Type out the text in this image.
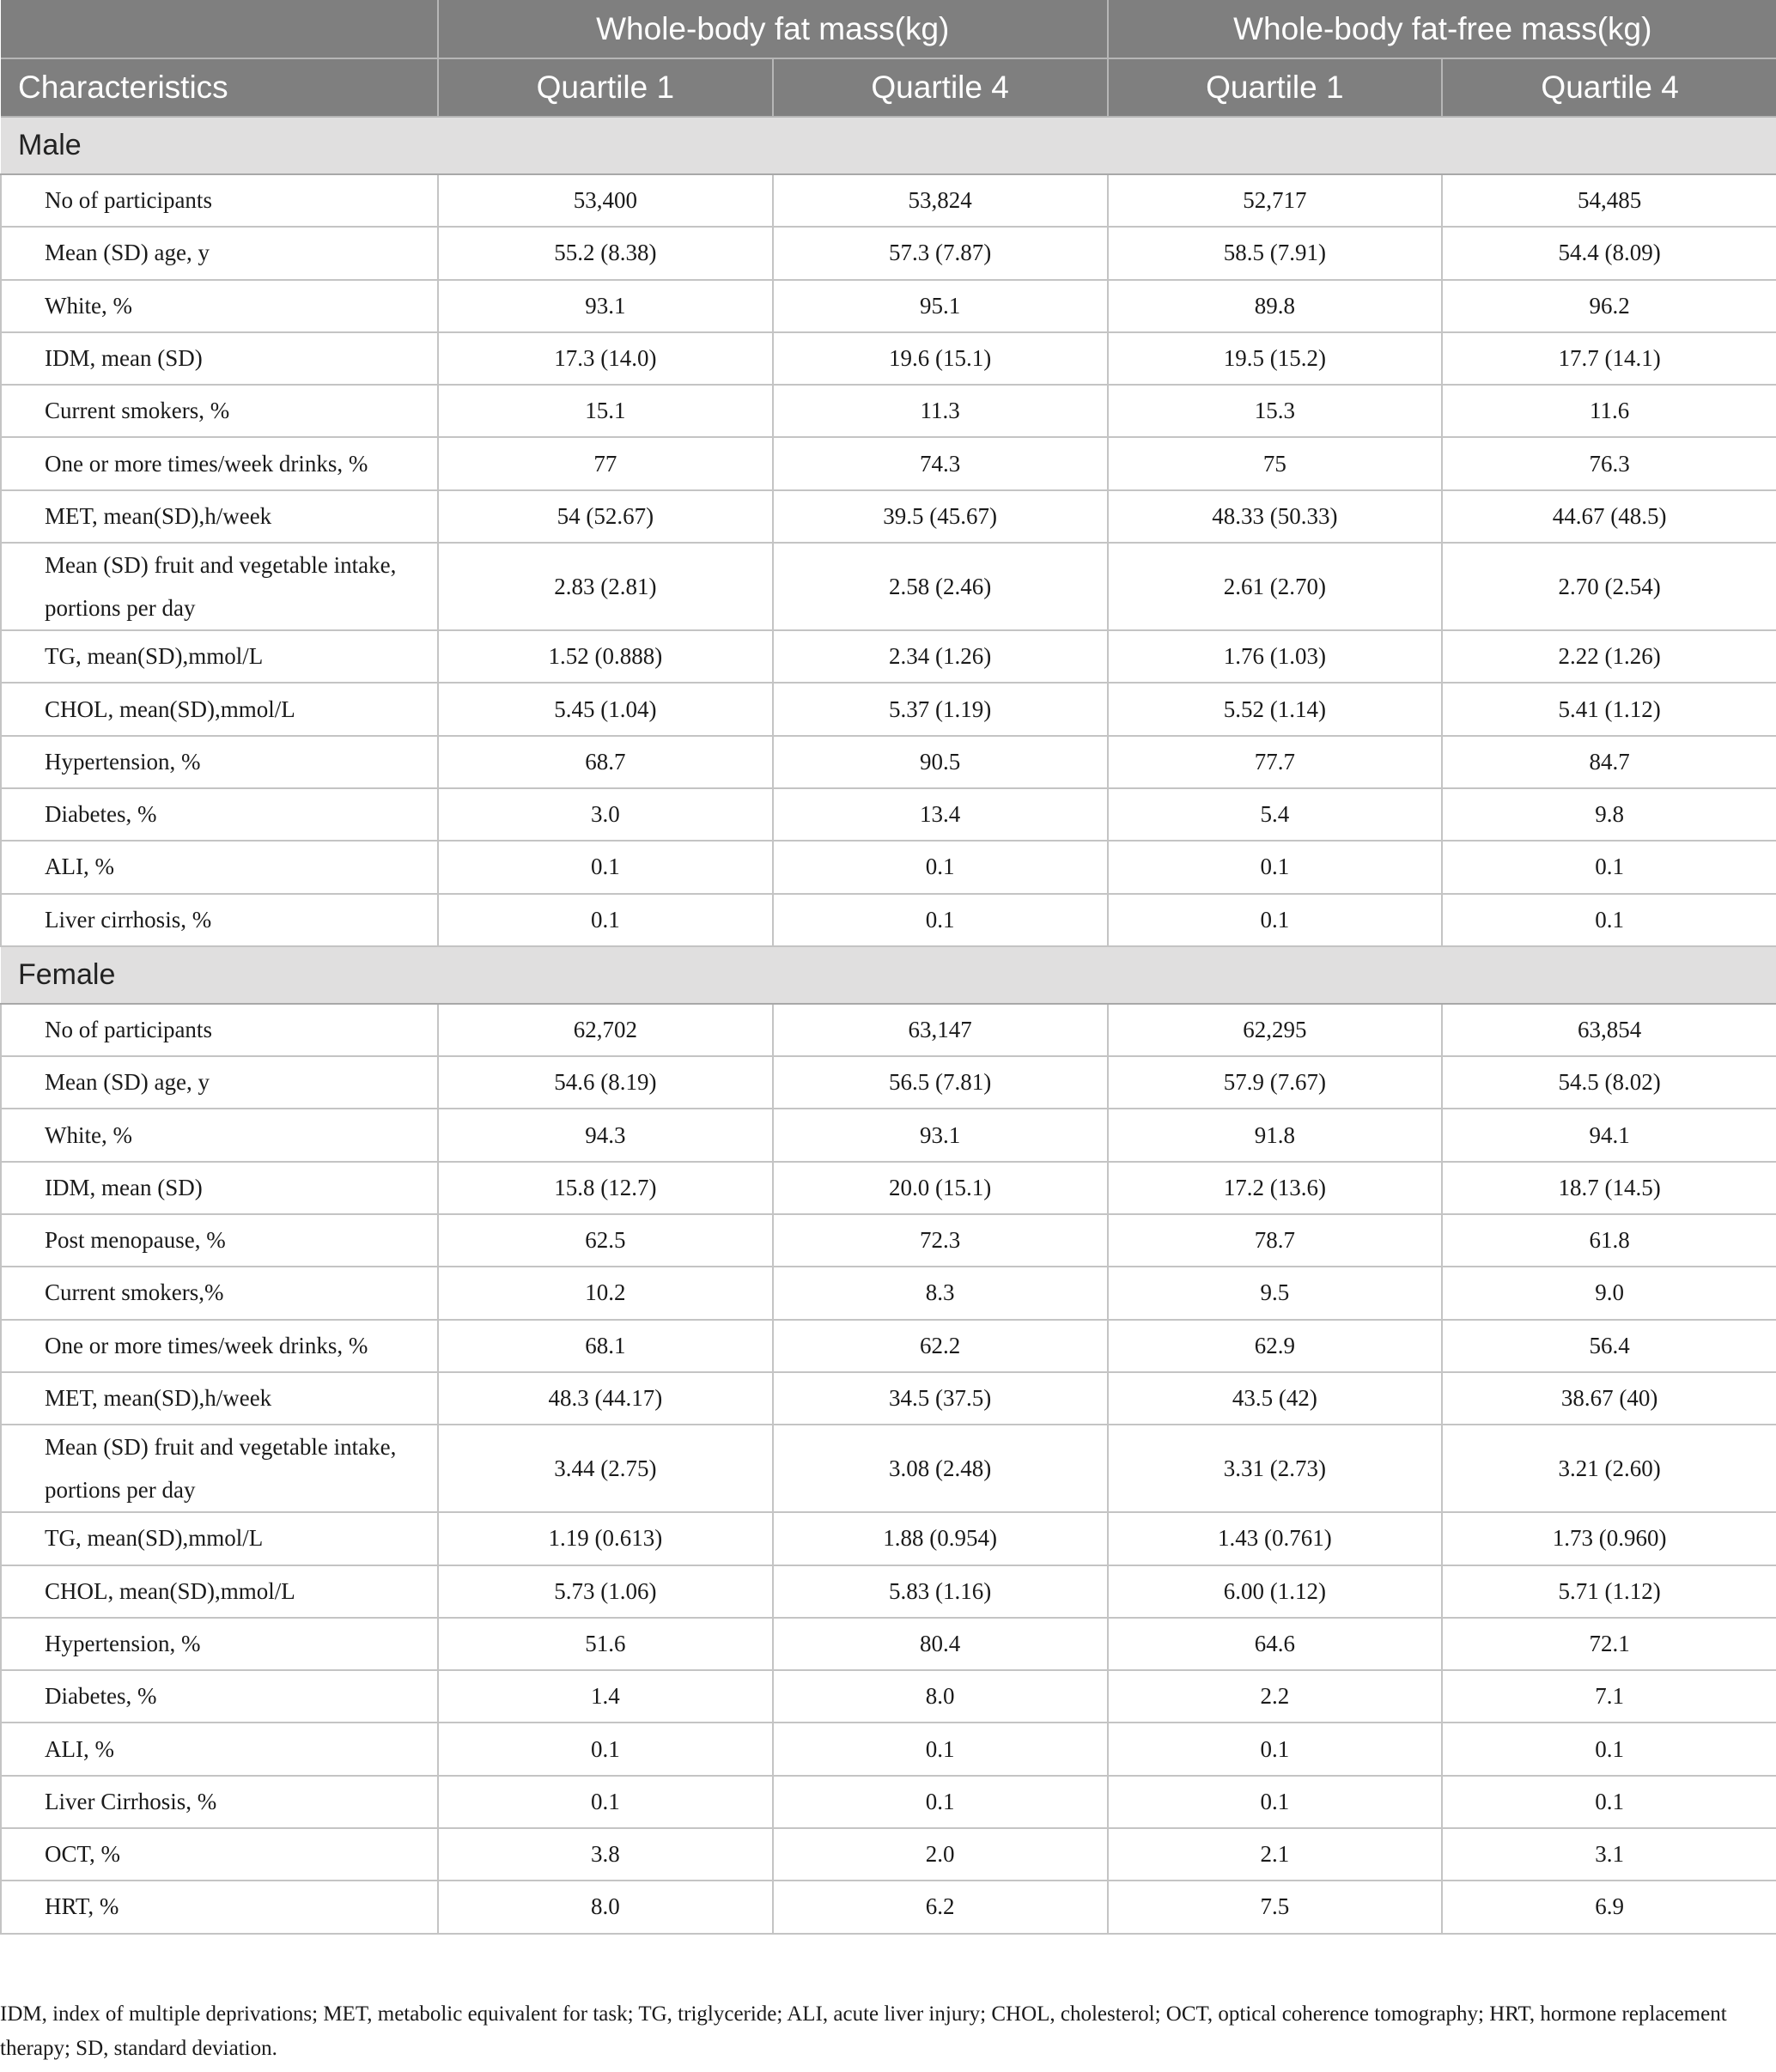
	Whole-body fat mass(kg)		Whole-body fat-free mass(kg)	
Characteristics	Quartile 1	Quartile 4	Quartile 1	Quartile 4
Male				
No of participants	53,400	53,824	52,717	54,485
Mean (SD) age, y	55.2 (8.38)	57.3 (7.87)	58.5 (7.91)	54.4 (8.09)
White, %	93.1	95.1	89.8	96.2
IDM, mean (SD)	17.3 (14.0)	19.6 (15.1)	19.5 (15.2)	17.7 (14.1)
Current smokers, %	15.1	11.3	15.3	11.6
One or more times/week drinks, %	77	74.3	75	76.3
MET, mean(SD),h/week	54 (52.67)	39.5 (45.67)	48.33 (50.33)	44.67 (48.5)
Mean (SD) fruit and vegetable intake,
portions per day	2.83 (2.81)	2.58 (2.46)	2.61 (2.70)	2.70 (2.54)
TG, mean(SD),mmol/L	1.52 (0.888)	2.34 (1.26)	1.76 (1.03)	2.22 (1.26)
CHOL, mean(SD),mmol/L	5.45 (1.04)	5.37 (1.19)	5.52 (1.14)	5.41 (1.12)
Hypertension, %	68.7	90.5	77.7	84.7
Diabetes, %	3.0	13.4	5.4	9.8
ALI, %	0.1	0.1	0.1	0.1
Liver cirrhosis, %	0.1	0.1	0.1	0.1
Female				
No of participants	62,702	63,147	62,295	63,854
Mean (SD) age, y	54.6 (8.19)	56.5 (7.81)	57.9 (7.67)	54.5 (8.02)
White, %	94.3	93.1	91.8	94.1
IDM, mean (SD)	15.8 (12.7)	20.0 (15.1)	17.2 (13.6)	18.7 (14.5)
Post menopause, %	62.5	72.3	78.7	61.8
Current smokers,%	10.2	8.3	9.5	9.0
One or more times/week drinks, %	68.1	62.2	62.9	56.4
MET, mean(SD),h/week	48.3 (44.17)	34.5 (37.5)	43.5 (42)	38.67 (40)
Mean (SD) fruit and vegetable intake,
portions per day	3.44 (2.75)	3.08 (2.48)	3.31 (2.73)	3.21 (2.60)
TG, mean(SD),mmol/L	1.19 (0.613)	1.88 (0.954)	1.43 (0.761)	1.73 (0.960)
CHOL, mean(SD),mmol/L	5.73 (1.06)	5.83 (1.16)	6.00 (1.12)	5.71 (1.12)
Hypertension, %	51.6	80.4	64.6	72.1
Diabetes, %	1.4	8.0	2.2	7.1
ALI, %	0.1	0.1	0.1	0.1
Liver Cirrhosis, %	0.1	0.1	0.1	0.1
OCT, %	3.8	2.0	2.1	3.1
HRT, %	8.0	6.2	7.5	6.9
IDM, index of multiple deprivations; MET, metabolic equivalent for task; TG, triglyceride; ALI, acute liver injury; CHOL, cholesterol; OCT, optical coherence tomography; HRT, hormone replacement therapy; SD, standard deviation.
